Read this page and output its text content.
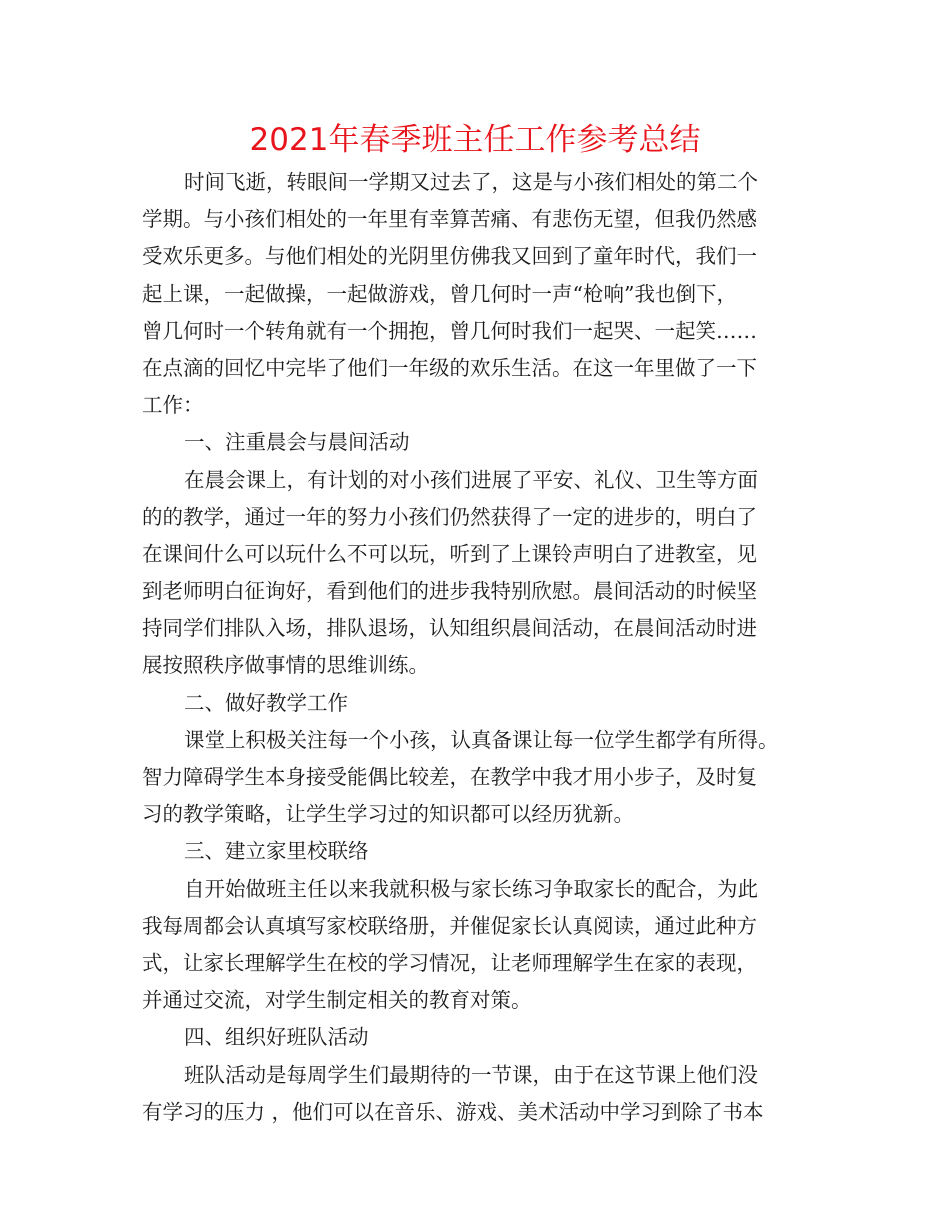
2021年春季班主任工作参考总结
时间飞逝，转眼间一学期又过去了，这是与小孩们相处的第二个
学期。与小孩们相处的一年里有幸算苦痛、有悲伤无望，但我仍然感
受欢乐更多。与他们相处的光阴里仿佛我又回到了童年时代，我们一
起上课，一起做操，一起做游戏，曾几何时一声“枪响”我也倒下，
曾几何时一个转角就有一个拥抱，曾几何时我们一起哭、一起笑……
在点滴的回忆中完毕了他们一年级的欢乐生活。在这一年里做了一下
工作：
一、注重晨会与晨间活动
在晨会课上，有计划的对小孩们进展了平安、礼仪、卫生等方面
的的教学，通过一年的努力小孩们仍然获得了一定的进步的，明白了
在课间什么可以玩什么不可以玩，听到了上课铃声明白了进教室，见
到老师明白征询好，看到他们的进步我特别欣慰。晨间活动的时候坚
持同学们排队入场，排队退场，认知组织晨间活动，在晨间活动时进
展按照秩序做事情的思维训练。
二、做好教学工作
课堂上积极关注每一个小孩，认真备课让每一位学生都学有所得。
智力障碍学生本身接受能偶比较差，在教学中我才用小步子，及时复
习的教学策略，让学生学习过的知识都可以经历犹新。
三、建立家里校联络
自开始做班主任以来我就积极与家长练习争取家长的配合，为此
我每周都会认真填写家校联络册，并催促家长认真阅读，通过此种方
式，让家长理解学生在校的学习情况，让老师理解学生在家的表现，
并通过交流，对学生制定相关的教育对策。
四、组织好班队活动
班队活动是每周学生们最期待的一节课，由于在这节课上他们没
有学习的压力 ，他们可以在音乐、游戏、美术活动中学习到除了书本
